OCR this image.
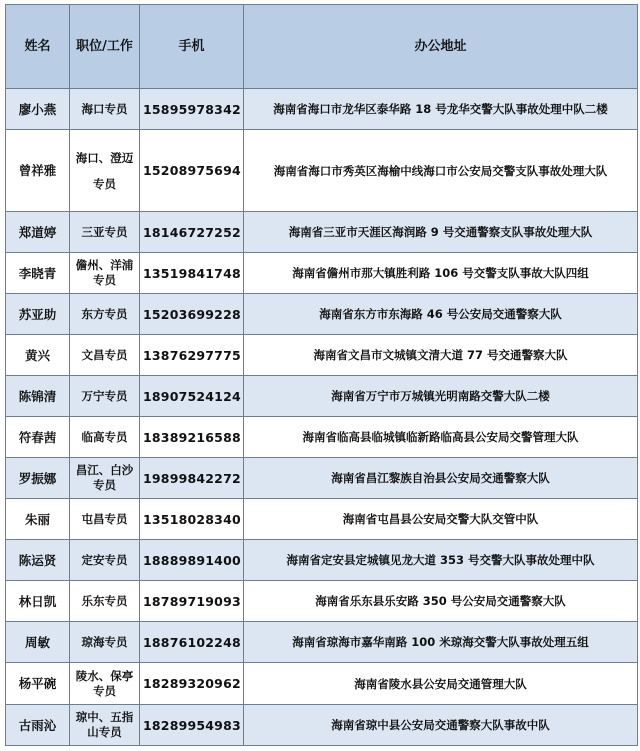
姓名	职位/工作	手机	办公地址
廖小燕	海口专员	15895978342	海南省海口市龙华区泰华路 18 号龙华交警大队事故处理中队二楼
曾祥雅	海口、澄迈专员	15208975694	海南省海口市秀英区海榆中线海口市公安局交警支队事故处理大队
郑道婷	三亚专员	18146727252	海南省三亚市天涯区海润路 9 号交通警察支队事故处理大队
李晓青	儋州、洋浦专员	13519841748	海南省儋州市那大镇胜利路 106 号交警支队事故大队四组
苏亚助	东方专员	15203699228	海南省东方市东海路 46 号公安局交通警察大队
黄兴	文昌专员	13876297775	海南省文昌市文城镇文清大道 77 号交通警察大队
陈锦清	万宁专员	18907524124	海南省万宁市万城镇光明南路交警大队二楼
符春茜	临高专员	18389216588	海南省临高县临城镇临新路临高县公安局交警管理大队
罗振娜	昌江、白沙专员	19899842272	海南省昌江黎族自治县公安局交通警察大队
朱丽	屯昌专员	13518028340	海南省屯昌县公安局交警大队交管中队
陈运贤	定安专员	18889891400	海南省定安县定城镇见龙大道 353 号交警大队事故处理中队
林日凯	乐东专员	18789719093	海南省乐东县乐安路 350 号公安局交通警察大队
周敏	琼海专员	18876102248	海南省琼海市嘉华南路 100 米琼海交警大队事故处理五组
杨平碗	陵水、保亭专员	18289320962	海南省陵水县公安局交通管理大队
古雨沁	琼中、五指山专员	18289954983	海南省琼中县公安局交通警察大队事故中队
